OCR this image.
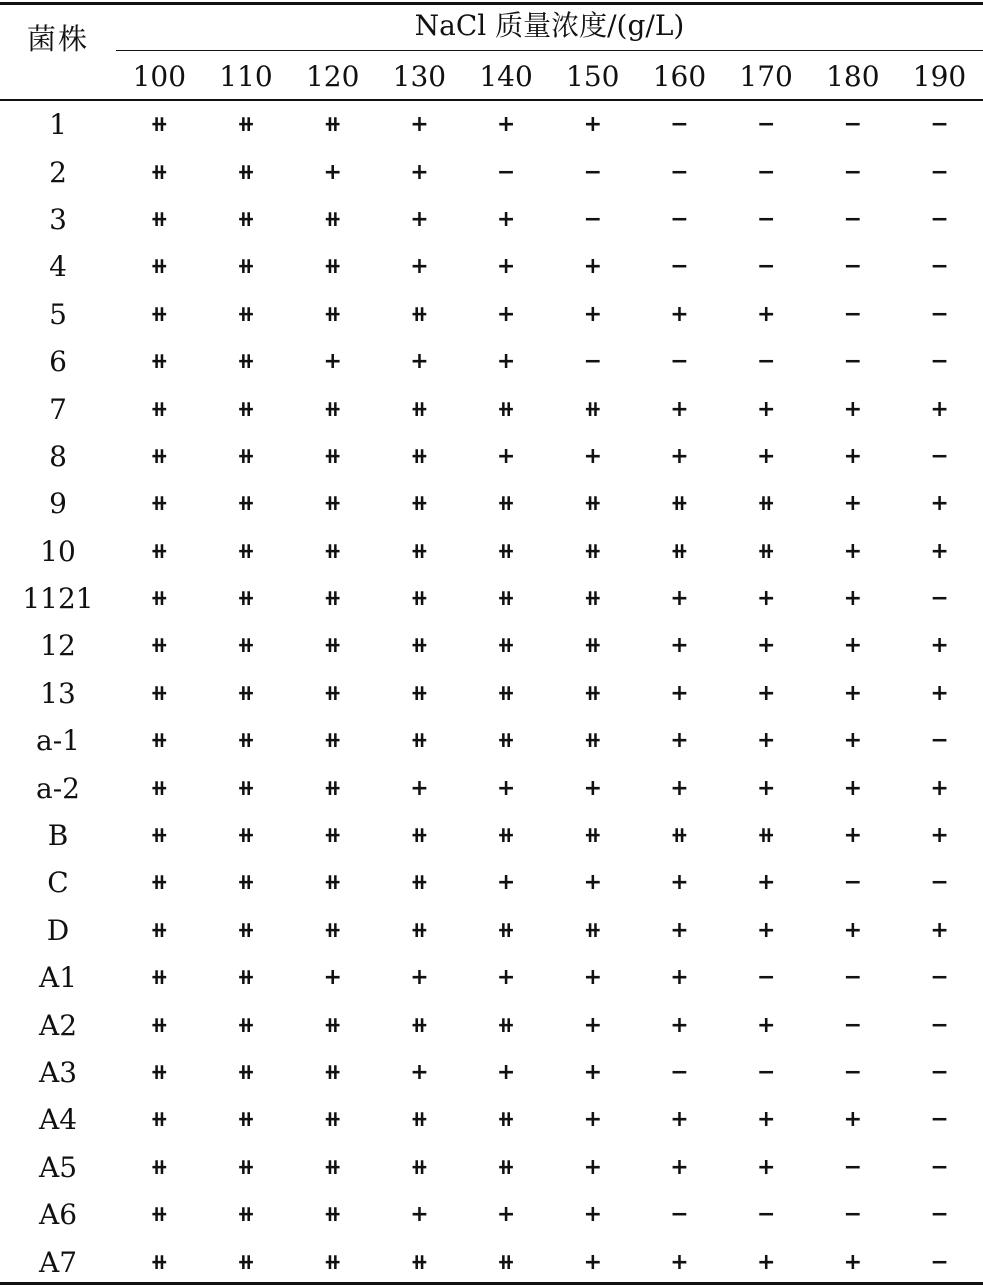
菌株	NaCl 质量浓度/(g/L)
100	110	120	130	140	150	160	170	180	190
1	⧺	⧺	⧺	+	+	+	−	−	−	−
2	⧺	⧺	+	+	−	−	−	−	−	−
3	⧺	⧺	⧺	+	+	−	−	−	−	−
4	⧺	⧺	⧺	+	+	+	−	−	−	−
5	⧺	⧺	⧺	⧺	+	+	+	+	−	−
6	⧺	⧺	+	+	+	−	−	−	−	−
7	⧺	⧺	⧺	⧺	⧺	⧺	+	+	+	+
8	⧺	⧺	⧺	⧺	+	+	+	+	+	−
9	⧺	⧺	⧺	⧺	⧺	⧺	⧺	⧺	+	+
10	⧺	⧺	⧺	⧺	⧺	⧺	⧺	⧺	+	+
1121	⧺	⧺	⧺	⧺	⧺	⧺	+	+	+	−
12	⧺	⧺	⧺	⧺	⧺	⧺	+	+	+	+
13	⧺	⧺	⧺	⧺	⧺	⧺	+	+	+	+
a-1	⧺	⧺	⧺	⧺	⧺	⧺	+	+	+	−
a-2	⧺	⧺	⧺	+	+	+	+	+	+	+
B	⧺	⧺	⧺	⧺	⧺	⧺	⧺	⧺	+	+
C	⧺	⧺	⧺	⧺	+	+	+	+	−	−
D	⧺	⧺	⧺	⧺	⧺	⧺	+	+	+	+
A1	⧺	⧺	+	+	+	+	+	−	−	−
A2	⧺	⧺	⧺	⧺	⧺	+	+	+	−	−
A3	⧺	⧺	⧺	+	+	+	−	−	−	−
A4	⧺	⧺	⧺	⧺	⧺	+	+	+	+	−
A5	⧺	⧺	⧺	⧺	⧺	+	+	+	−	−
A6	⧺	⧺	⧺	+	+	+	−	−	−	−
A7	⧺	⧺	⧺	⧺	⧺	+	+	+	+	−
